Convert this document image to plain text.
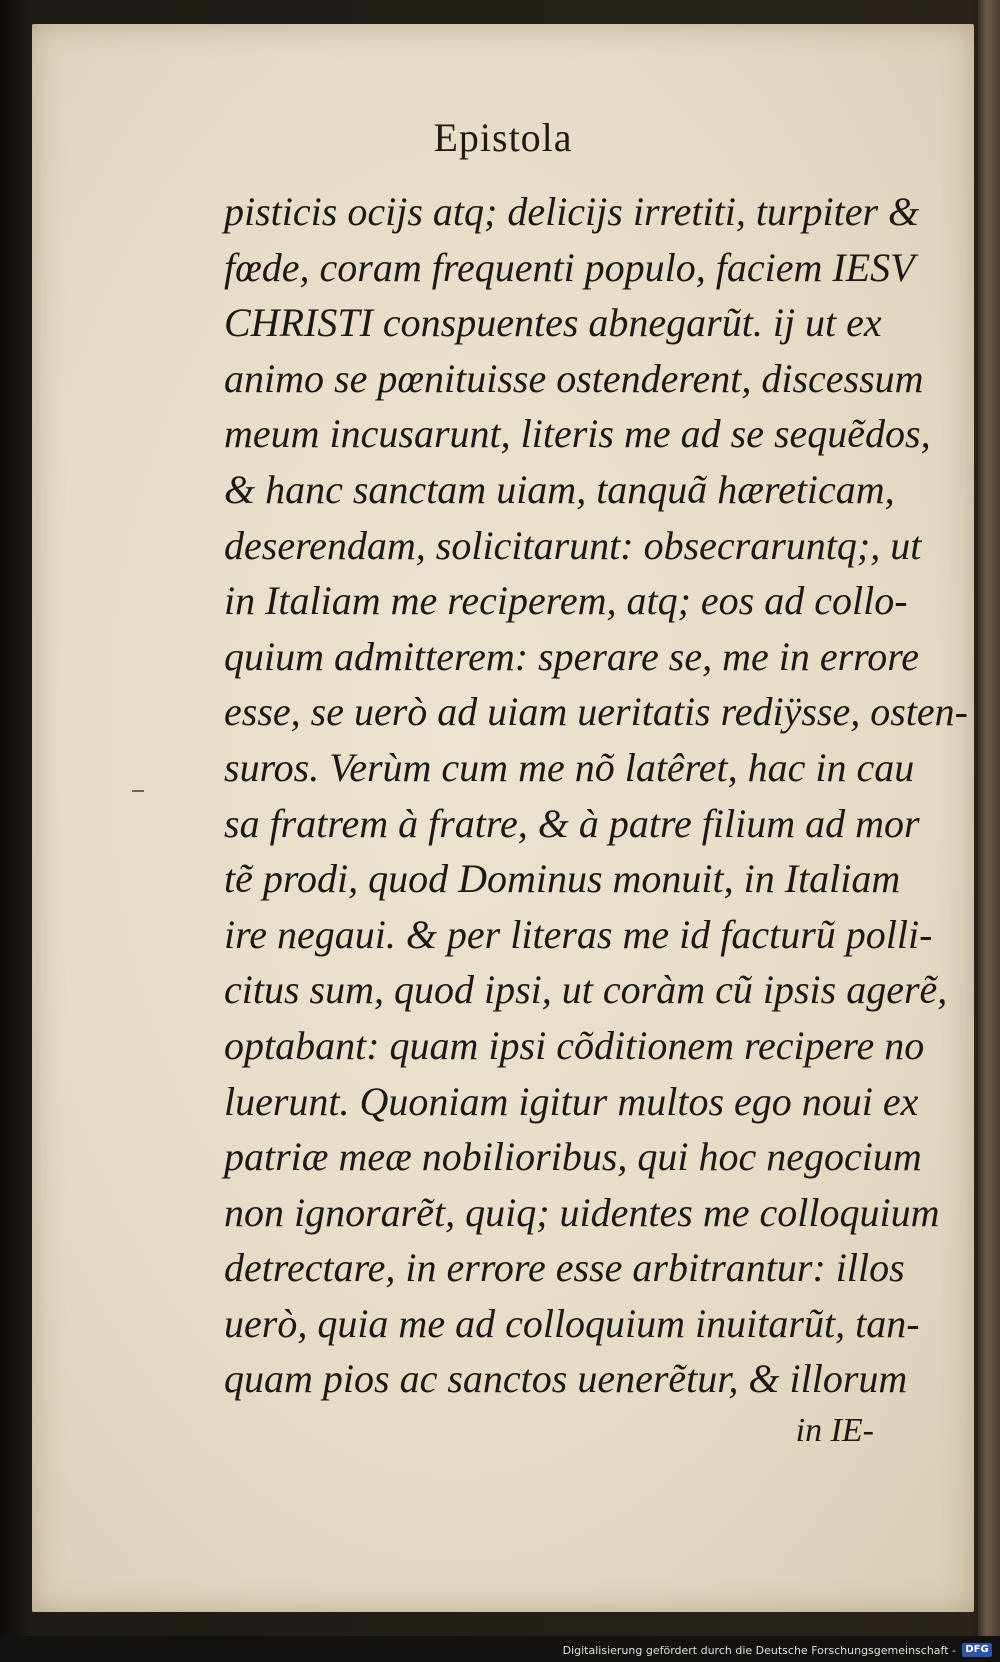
Epistola
pisticis ocijs atq; delicijs irretiti, turpiter &
fœde, coram frequenti populo, faciem IESV
CHRISTI conspuentes abnegarũt. ij ut ex
animo se pœnituisse ostenderent, discessum
meum incusarunt, literis me ad se sequẽdos,
& hanc sanctam uiam, tanquã hæreticam,
deserendam, solicitarunt: obsecraruntq;, ut
in Italiam me reciperem, atq; eos ad collo-
quium admitterem: sperare se, me in errore
esse, se uerò ad uiam ueritatis rediÿsse, osten-
suros. Verùm cum me nõ latêret, hac in cau
sa fratrem à fratre, & à patre filium ad mor
tẽ prodi, quod Dominus monuit, in Italiam
ire negaui. & per literas me id facturũ polli-
citus sum, quod ipsi, ut coràm cũ ipsis agerẽ,
optabant: quam ipsi cõditionem recipere no
luerunt. Quoniam igitur multos ego noui ex
patriæ meæ nobilioribus, qui hoc negocium
non ignorarẽt, quiq; uidentes me colloquium
detrectare, in errore esse arbitrantur: illos
uerò, quia me ad colloquium inuitarũt, tan-
quam pios ac sanctos uenerẽtur, & illorum
in IE-
Digitalisierung gefördert durch die Deutsche Forschungsgemeinschaft - DFG
